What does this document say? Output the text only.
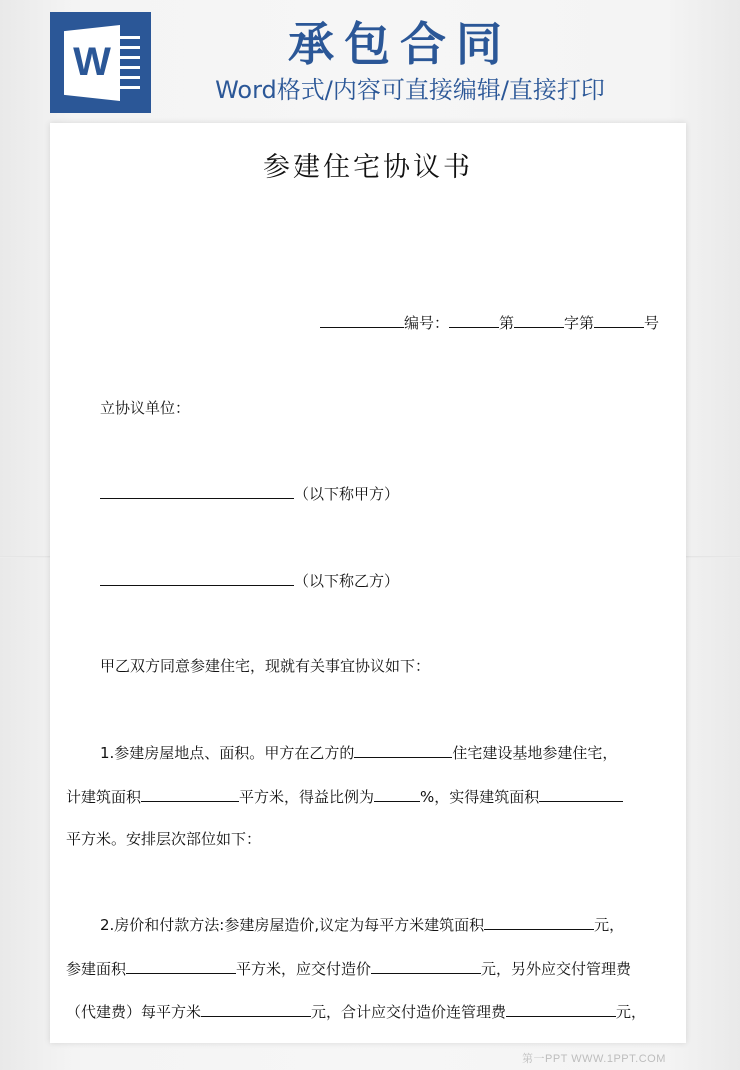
W	承包合同
Word格式/内容可直接编辑/直接打印
参建住宅协议书
编号：	第	字第	号
立协议单位：
（以下称甲方）
（以下称乙方）
甲乙双方同意参建住宅，现就有关事宜协议如下：
1.参建房屋地点、面积。甲方在乙方的	住宅建设基地参建住宅，
计建筑面积	平方米，得益比例为	%，实得建筑面积
平方米。安排层次部位如下：
2.房价和付款方法:参建房屋造价,议定为每平方米建筑面积	元，
参建面积	平方米，应交付造价	元，另外应交付管理费
（代建费）每平方米	元，合计应交付造价连管理费	元，
第一PPT WWW.1PPT.COM
